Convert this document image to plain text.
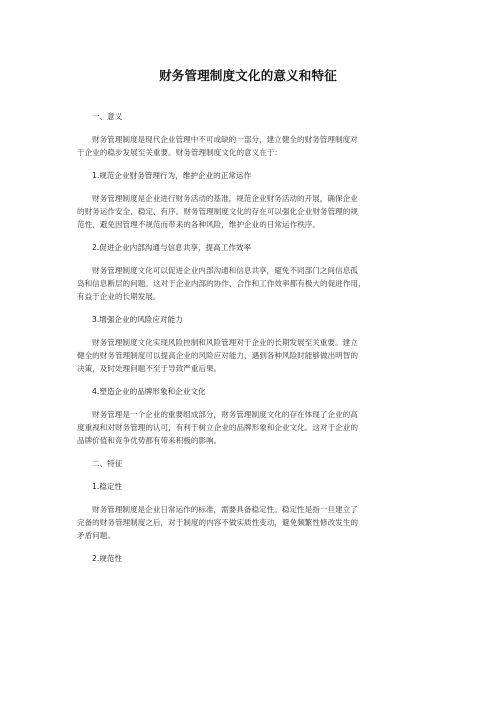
财务管理制度文化的意义和特征
一、意义
财务管理制度是现代企业管理中不可或缺的一部分，建立健全的财务管理制度对
于企业的稳步发展至关重要。财务管理制度文化的意义在于：
1.规范企业财务管理行为，维护企业的正常运作
财务管理制度是企业进行财务活动的基准，规范企业财务活动的开展，确保企业
的财务运作安全、稳定、有序。财务管理制度文化的存在可以强化企业财务管理的规
范性，避免因管理不规范而带来的各种风险，维护企业的日常运作秩序。
2.促进企业内部沟通与信息共享，提高工作效率
财务管理制度文化可以促进企业内部沟通和信息共享，避免不同部门之间信息孤
岛和信息断层的问题。这对于企业内部的协作、合作和工作效率都有极大的促进作用，
有益于企业的长期发展。
3.增强企业的风险应对能力
财务管理制度文化实现风险控制和风险管理对于企业的长期发展至关重要。建立
健全的财务管理制度可以提高企业的风险应对能力，遇到各种风险时能够做出明智的
决策，及时处理问题不至于导致严重后果。
4.塑造企业的品牌形象和企业文化
财务管理是一个企业的重要组成部分，财务管理制度文化的存在体现了企业的高
度重视和对财务管理的认可，有利于树立企业的品牌形象和企业文化。这对于企业的
品牌价值和竞争优势都有带来积极的影响。
二、特征
1.稳定性
财务管理制度是企业日常运作的标准，需要具备稳定性。稳定性是指一旦建立了
完备的财务管理制度之后，对于制度的内容不做实质性变动，避免频繁性修改发生的
矛盾问题。
2.规范性
